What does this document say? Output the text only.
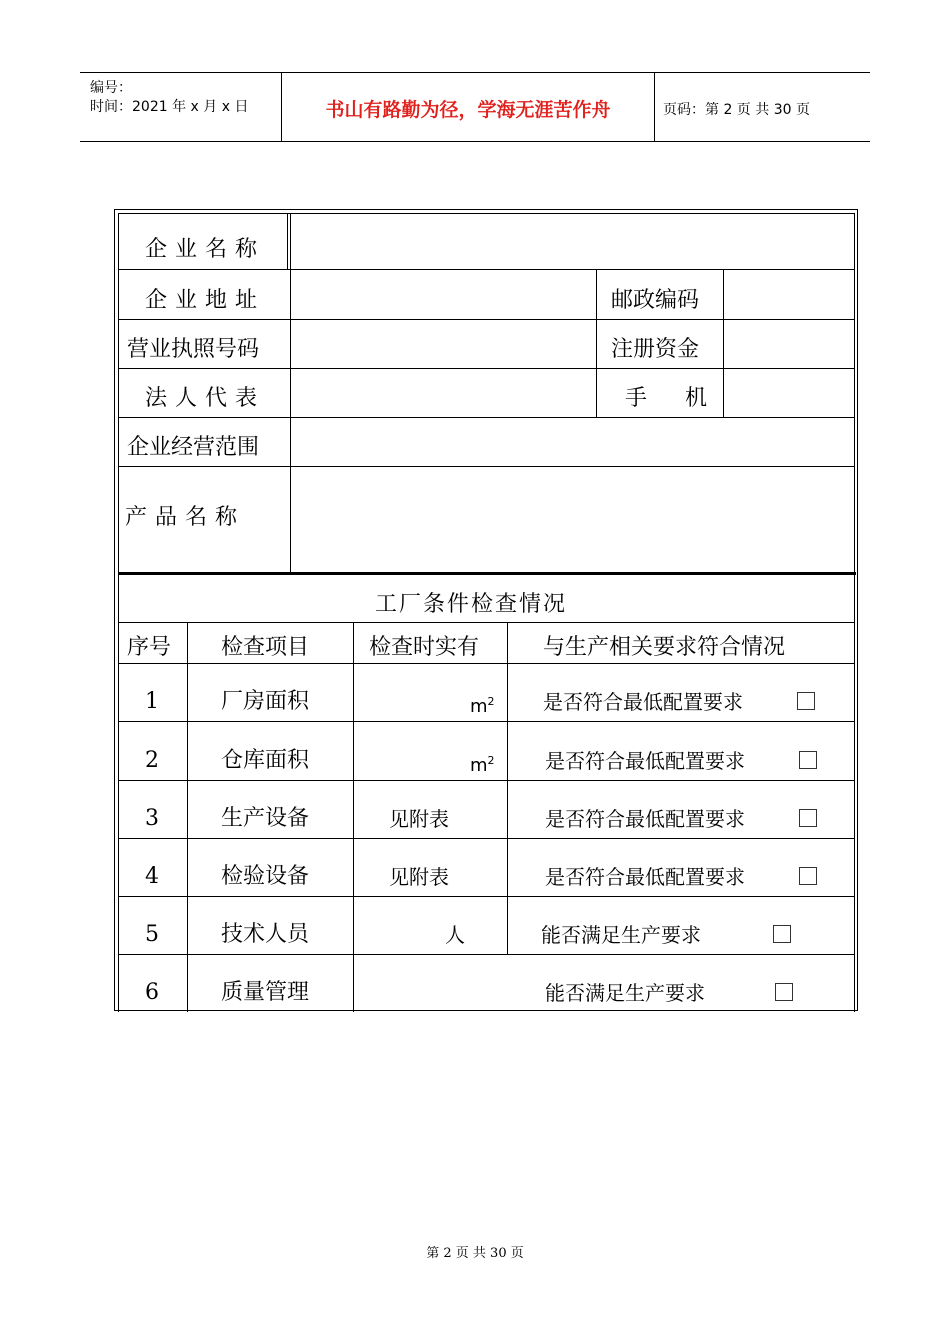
编号：
时间：2021 年 x 月 x 日	书山有路勤为径，学海无涯苦作舟	页码：第 2 页 共 30 页
企业名称
企业地址	邮政编码
营业执照号码	注册资金
法人代表	手　机
企业经营范围
产品名称
工厂条件检查情况
序号 检查项目	检查时实有	与生产相关要求符合情况
1	厂房面积	$m^2$ 是否符合最低配置要求
2	仓库面积	$m^2$	是否符合最低配置要求
3	生产设备	见附表	是否符合最低配置要求
4	检验设备	见附表	是否符合最低配置要求
5	技术人员	人	能否满足生产要求
6	质量管理	能否满足生产要求
第 2 页 共 30 页
